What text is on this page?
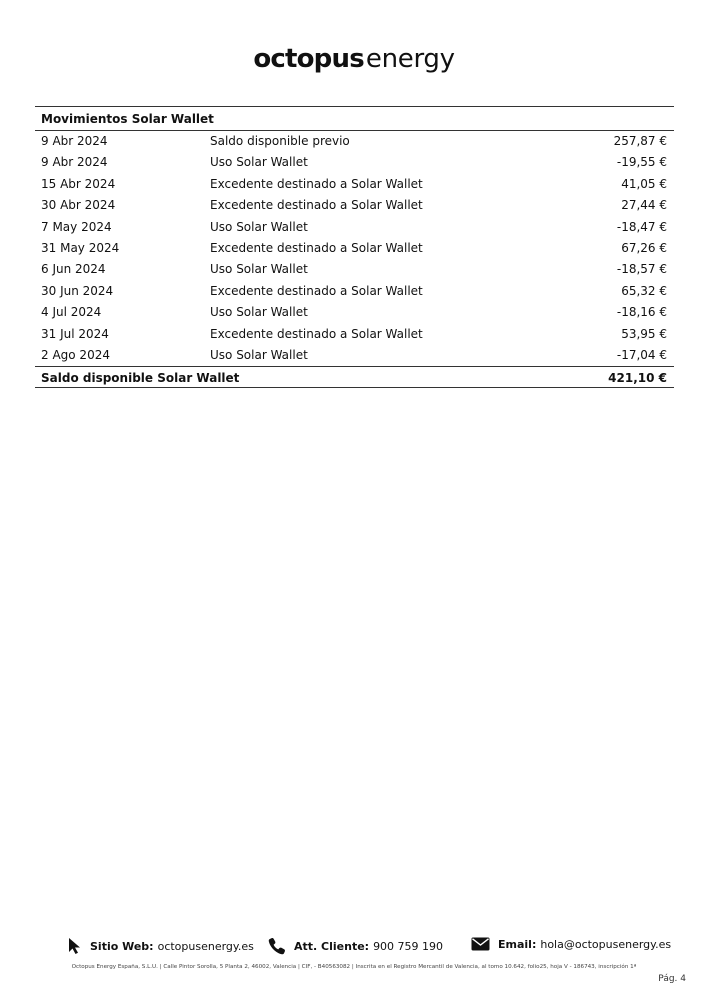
octopusenergy
Movimientos Solar Wallet
9 Abr 2024	Saldo disponible previo	257,87 €
9 Abr 2024	Uso Solar Wallet	-19,55 €
15 Abr 2024	Excedente destinado a Solar Wallet	41,05 €
30 Abr 2024	Excedente destinado a Solar Wallet	27,44 €
7 May 2024	Uso Solar Wallet	-18,47 €
31 May 2024	Excedente destinado a Solar Wallet	67,26 €
6 Jun 2024	Uso Solar Wallet	-18,57 €
30 Jun 2024	Excedente destinado a Solar Wallet	65,32 €
4 Jul 2024	Uso Solar Wallet	-18,16 €
31 Jul 2024	Excedente destinado a Solar Wallet	53,95 €
2 Ago 2024	Uso Solar Wallet	-17,04 €
Saldo disponible Solar Wallet	421,10 €
Sitio Web: octopusenergy.es	Att. Cliente: 900 759 190	Email: hola@octopusenergy.es
Octopus Energy España, S.L.U. | Calle Pintor Sorolla, 5 Planta 2, 46002, Valencia | CIF, - B40563082 | Inscrita en el Registro Mercantil de Valencia, al tomo 10.642, folio25, hoja V - 186743, inscripción 1ª
Pág. 4
